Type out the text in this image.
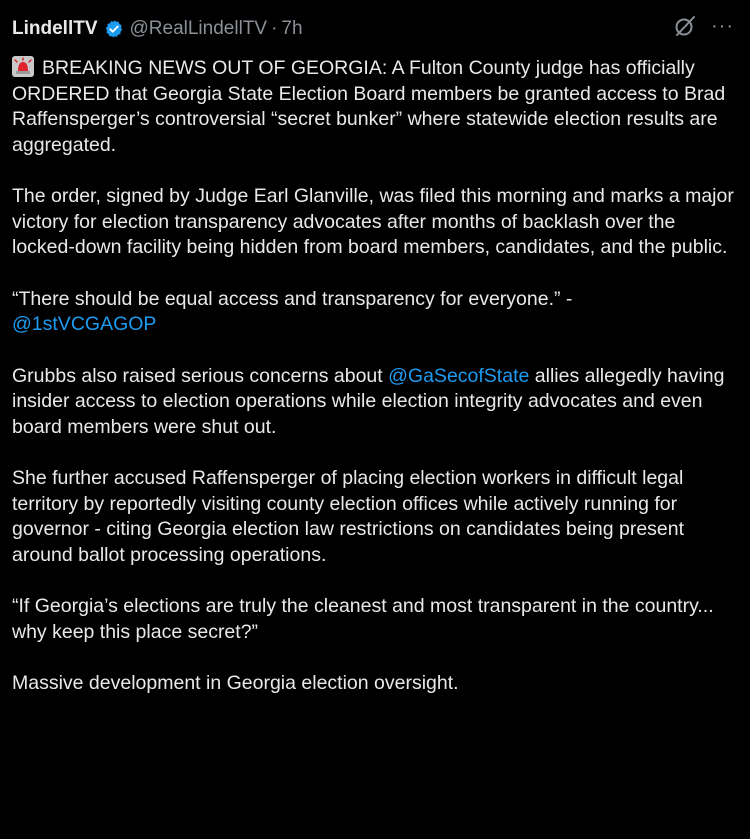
LindellTV @RealLindellTV · 7h	···

BREAKING NEWS OUT OF GEORGIA: A Fulton County judge has officially ORDERED that Georgia State Election Board members be granted access to Brad Raffensperger’s controversial “secret bunker” where statewide election results are aggregated.

The order, signed by Judge Earl Glanville, was filed this morning and marks a major victory for election transparency advocates after months of backlash over the locked-down facility being hidden from board members, candidates, and the public.

“There should be equal access and transparency for everyone.” -
@1stVCGAGOP

Grubbs also raised serious concerns about @GaSecofState allies allegedly having insider access to election operations while election integrity advocates and even board members were shut out.

She further accused Raffensperger of placing election workers in difficult legal territory by reportedly visiting county election offices while actively running for governor - citing Georgia election law restrictions on candidates being present around ballot processing operations.

“If Georgia’s elections are truly the cleanest and most transparent in the country... why keep this place secret?”

Massive development in Georgia election oversight.
